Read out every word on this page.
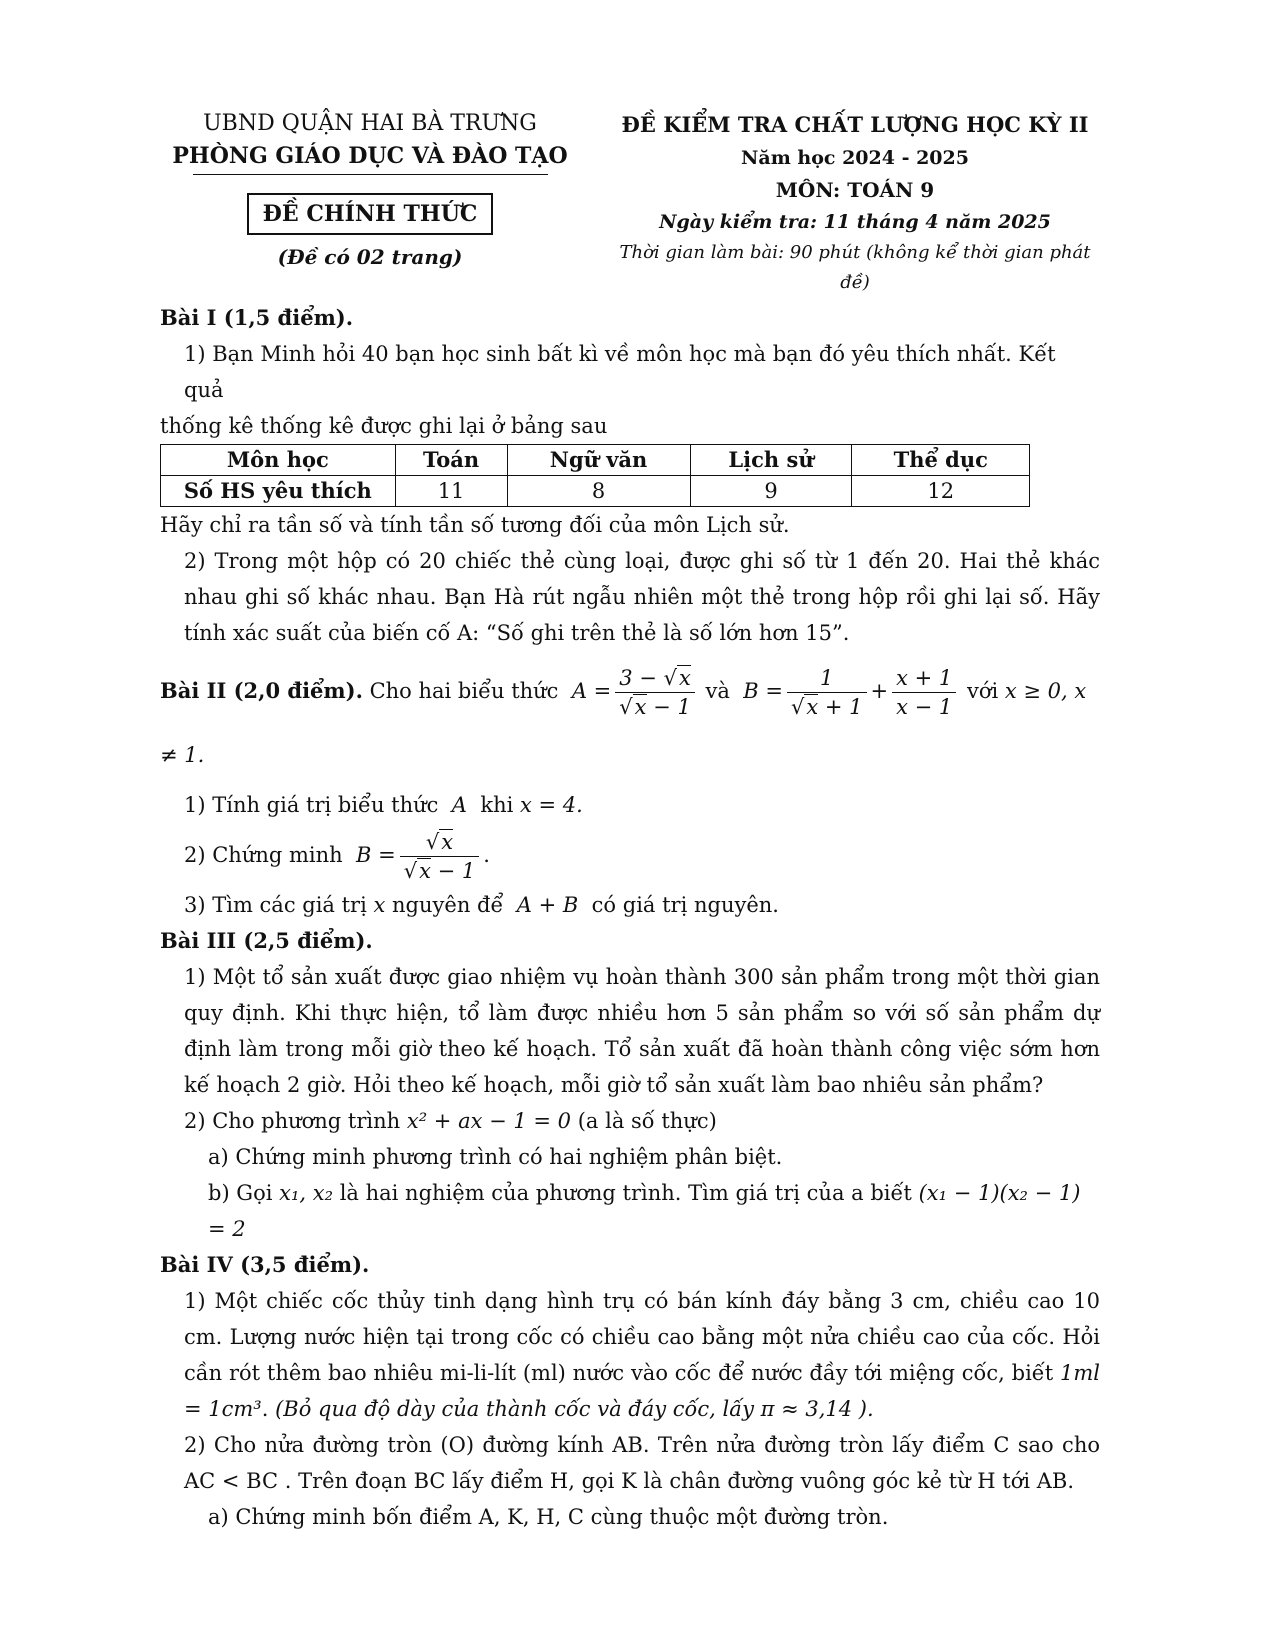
UBND QUẬN HAI BÀ TRƯNG
PHÒNG GIÁO DỤC VÀ ĐÀO TẠO
ĐỀ CHÍNH THỨC
(Đề có 02 trang)
ĐỀ KIỂM TRA CHẤT LƯỢNG HỌC KỲ II
Năm học 2024 - 2025
MÔN: TOÁN 9
Ngày kiểm tra: 11 tháng 4 năm 2025
Thời gian làm bài: 90 phút (không kể thời gian phát đề)

Bài I (1,5 điểm).

1) Bạn Minh hỏi 40 bạn học sinh bất kì về môn học mà bạn đó yêu thích nhất. Kết quả

thống kê thống kê được ghi lại ở bảng sau

Môn học	Toán	Ngữ văn	Lịch sử	Thể dục
Số HS yêu thích	11	8	9	12

Hãy chỉ ra tần số và tính tần số tương đối của môn Lịch sử.

2) Trong một hộp có 20 chiếc thẻ cùng loại, được ghi số từ 1 đến 20. Hai thẻ khác nhau ghi số khác nhau. Bạn Hà rút ngẫu nhiên một thẻ trong hộp rồi ghi lại số. Hãy tính xác suất của biến cố A: “Số ghi trên thẻ là số lớn hơn 15”.

Bài II (2,0 điểm). Cho hai biểu thức  $A = \frac{3 - √x}{√x - 1}$ và  $B = \frac{1}{√x + 1} + \frac{x + 1}{x - 1}$ với x ≥ 0, x ≠ 1.

1) Tính giá trị biểu thức  A  khi x = 4.

2) Chứng minh  $B = \frac{√x}{√x - 1}$ .

3) Tìm các giá trị x nguyên để  A + B  có giá trị nguyên.

Bài III (2,5 điểm).

1) Một tổ sản xuất được giao nhiệm vụ hoàn thành 300 sản phẩm trong một thời gian quy định. Khi thực hiện, tổ làm được nhiều hơn 5 sản phẩm so với số sản phẩm dự định làm trong mỗi giờ theo kế hoạch. Tổ sản xuất đã hoàn thành công việc sớm hơn kế hoạch 2 giờ. Hỏi theo kế hoạch, mỗi giờ tổ sản xuất làm bao nhiêu sản phẩm?

2) Cho phương trình x² + ax − 1 = 0 (a là số thực)

a) Chứng minh phương trình có hai nghiệm phân biệt.

b) Gọi x₁, x₂ là hai nghiệm của phương trình. Tìm giá trị của a biết (x₁ − 1)(x₂ − 1) = 2

Bài IV (3,5 điểm).

1) Một chiếc cốc thủy tinh dạng hình trụ có bán kính đáy bằng 3 cm, chiều cao 10 cm. Lượng nước hiện tại trong cốc có chiều cao bằng một nửa chiều cao của cốc. Hỏi cần rót thêm bao nhiêu mi-li-lít (ml) nước vào cốc để nước đầy tới miệng cốc, biết 1ml = 1cm³. (Bỏ qua độ dày của thành cốc và đáy cốc, lấy π ≈ 3,14 ).

2) Cho nửa đường tròn (O) đường kính AB. Trên nửa đường tròn lấy điểm C sao cho AC < BC . Trên đoạn BC lấy điểm H, gọi K là chân đường vuông góc kẻ từ H tới AB.

a) Chứng minh bốn điểm A, K, H, C cùng thuộc một đường tròn.
